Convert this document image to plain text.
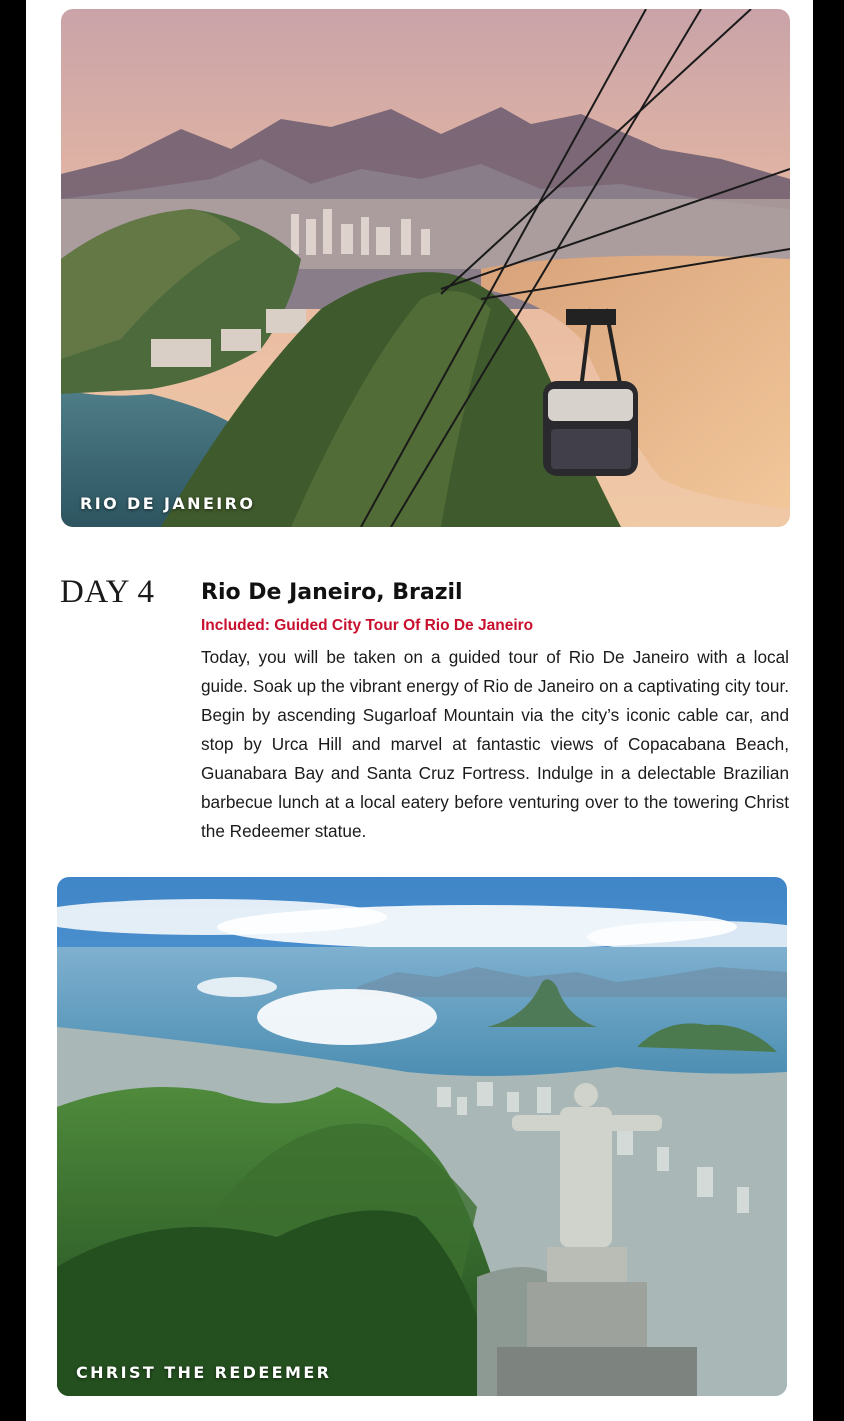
RIO DE JANEIRO
DAY 4 Rio De Janeiro, Brazil
Included: Guided City Tour Of Rio De Janeiro
Today, you will be taken on a guided tour of Rio De Janeiro with a local guide. Soak up the vibrant energy of Rio de Janeiro on a captivating city tour. Begin by ascending Sugarloaf Mountain via the city’s iconic cable car, and stop by Urca Hill and marvel at fantastic views of Copacabana Beach, Guanabara Bay and Santa Cruz Fortress. Indulge in a delectable Brazilian barbecue lunch at a local eatery before venturing over to the towering Christ the Redeemer statue.
CHRIST THE REDEEMER
